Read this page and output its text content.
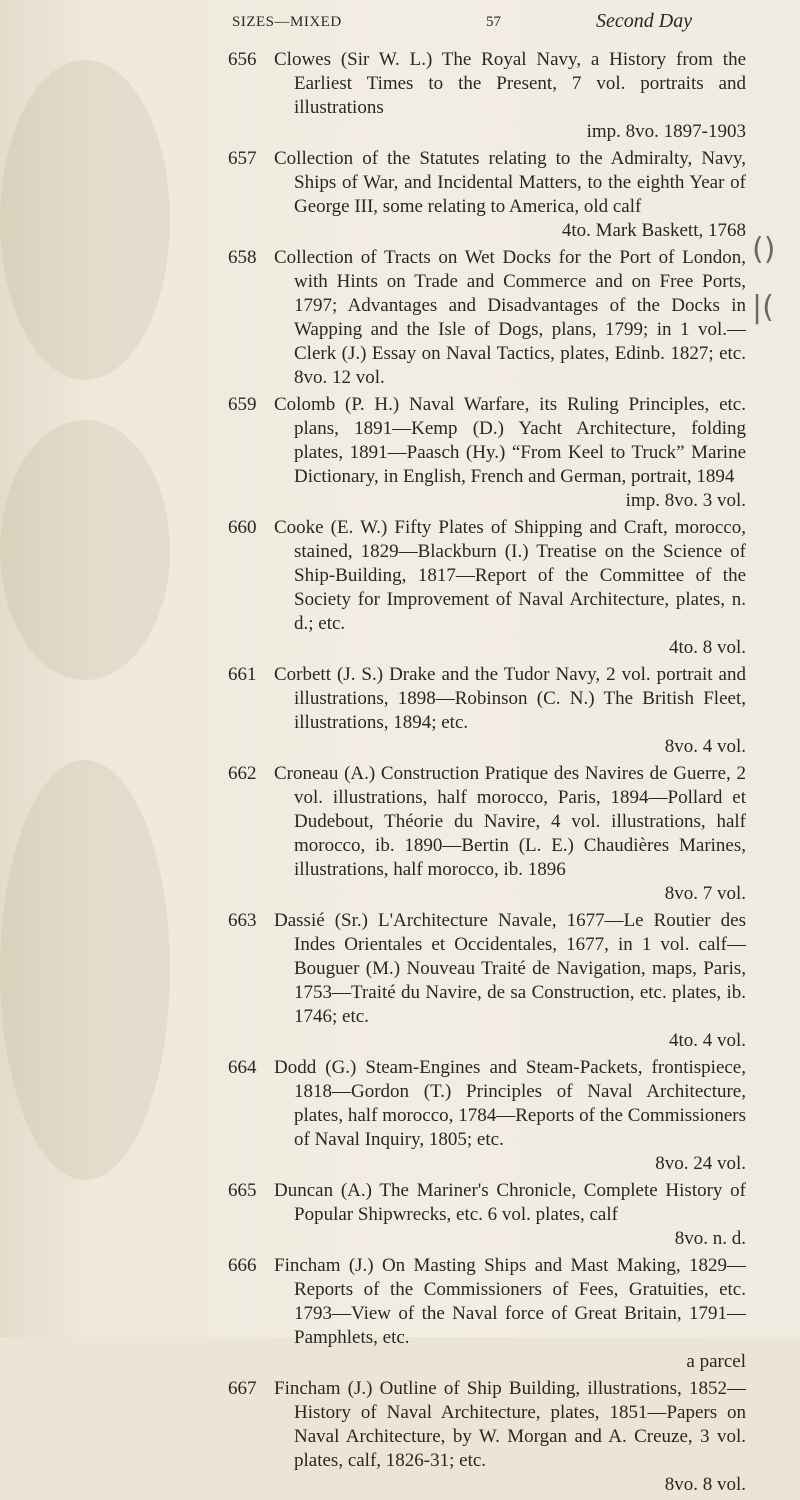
SIZES—MIXED	57	Second Day
656 Clowes (Sir W. L.) The Royal Navy, a History from the Earliest Times to the Present, 7 vol. portraits and illustrations
imp. 8vo. 1897-1903
657 Collection of the Statutes relating to the Admiralty, Navy, Ships of War, and Incidental Matters, to the eighth Year of George III, some relating to America, old calf
4to. Mark Baskett, 1768
658 Collection of Tracts on Wet Docks for the Port of London, with Hints on Trade and Commerce and on Free Ports, 1797; Advantages and Disadvantages of the Docks in Wapping and the Isle of Dogs, plans, 1799; in 1 vol.—Clerk (J.) Essay on Naval Tactics, plates, Edinb. 1827; etc. 8vo. 12 vol.
659 Colomb (P. H.) Naval Warfare, its Ruling Principles, etc. plans, 1891—Kemp (D.) Yacht Architecture, folding plates, 1891—Paasch (Hy.) “From Keel to Truck” Marine Dictionary, in English, French and German, portrait, 1894
imp. 8vo. 3 vol.
660 Cooke (E. W.) Fifty Plates of Shipping and Craft, morocco, stained, 1829—Blackburn (I.) Treatise on the Science of Ship-Building, 1817—Report of the Committee of the Society for Improvement of Naval Architecture, plates, n. d.; etc.
4to. 8 vol.
661 Corbett (J. S.) Drake and the Tudor Navy, 2 vol. portrait and illustrations, 1898—Robinson (C. N.) The British Fleet, illustrations, 1894; etc.
8vo. 4 vol.
662 Croneau (A.) Construction Pratique des Navires de Guerre, 2 vol. illustrations, half morocco, Paris, 1894—Pollard et Dudebout, Théorie du Navire, 4 vol. illustrations, half morocco, ib. 1890—Bertin (L. E.) Chaudières Marines, illustrations, half morocco, ib. 1896
8vo. 7 vol.
663 Dassié (Sr.) L'Architecture Navale, 1677—Le Routier des Indes Orientales et Occidentales, 1677, in 1 vol. calf—Bouguer (M.) Nouveau Traité de Navigation, maps, Paris, 1753—Traité du Navire, de sa Construction, etc. plates, ib. 1746; etc.
4to. 4 vol.
664 Dodd (G.) Steam-Engines and Steam-Packets, frontispiece, 1818—Gordon (T.) Principles of Naval Architecture, plates, half morocco, 1784—Reports of the Commissioners of Naval Inquiry, 1805; etc.
8vo. 24 vol.
665 Duncan (A.) The Mariner's Chronicle, Complete History of Popular Shipwrecks, etc. 6 vol. plates, calf
8vo. n. d.
666 Fincham (J.) On Masting Ships and Mast Making, 1829—Reports of the Commissioners of Fees, Gratuities, etc. 1793—View of the Naval force of Great Britain, 1791—Pamphlets, etc.
a parcel
667 Fincham (J.) Outline of Ship Building, illustrations, 1852—History of Naval Architecture, plates, 1851—Papers on Naval Architecture, by W. Morgan and A. Creuze, 3 vol. plates, calf, 1826-31; etc.
8vo. 8 vol.
()
|(
